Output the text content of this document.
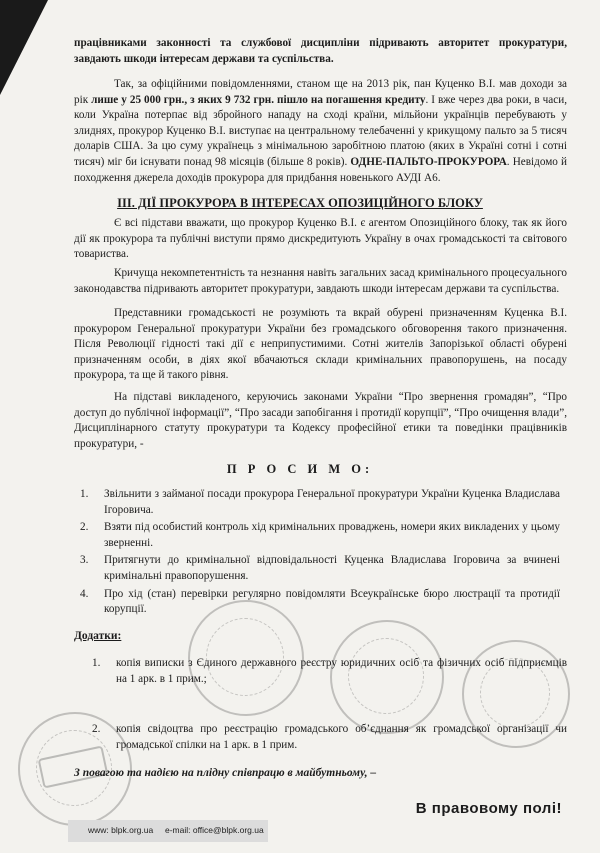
працівниками законності та службової дисципліни підривають авторитет прокуратури, завдають шкоди інтересам держави та суспільства.
Так, за офіційними повідомленнями, станом ще на 2013 рік, пан Куценко В.І. мав доходи за рік лише у 25 000 грн., з яких 9 732 грн. пішло на погашення кредиту. І вже через два роки, в часи, коли Україна потерпає від збройного нападу на сході країни, мільйони українців перебувають у злиднях, прокурор Куценко В.І. виступає на центральному телебаченні у крикущому пальто за 5 тисяч доларів США. За цю суму українець з мінімальною заробітною платою (яких в Україні сотні і сотні тисяч) міг би існувати понад 98 місяців (більше 8 років). ОДНЕ-ПАЛЬТО-ПРОКУРОРА. Невідомо й походження джерела доходів прокурора для придбання новенького АУДІ А6.
ІІІ. ДІЇ ПРОКУРОРА В ІНТЕРЕСАХ ОПОЗИЦІЙНОГО БЛОКУ
Є всі підстави вважати, що прокурор Куценко В.І. є агентом Опозиційного блоку, так як його дії як прокурора та публічні виступи прямо дискредитують Україну в очах громадськості та світового товариства.
Кричуща некомпетентність та незнання навіть загальних засад кримінального процесуального законодавства підривають авторитет прокуратури, завдають шкоди інтересам держави та суспільства.
Представники громадськості не розуміють та вкрай обурені призначенням Куценка В.І. прокурором Генеральної прокуратури України без громадського обговорення такого призначення. Після Революції гідності такі дії є неприпустимими. Сотні жителів Запорізької області обурені призначенням особи, в діях якої вбачаються склади кримінальних правопорушень, на посаду прокурора, та ще й такого рівня.
На підставі викладеного, керуючись законами України “Про звернення громадян”, “Про доступ до публічної інформації”, “Про засади запобігання і протидії корупції”, “Про очищення влади”, Дисциплінарного статуту прокуратури та Кодексу професійної етики та поведінки працівників прокуратури, -
П Р О С И М О:
1. Звільнити з займаної посади прокурора Генеральної прокуратури України Куценка Владислава Ігоровича.
2. Взяти під особистий контроль хід кримінальних проваджень, номери яких викладених у цьому зверненні.
3. Притягнути до кримінальної відповідальності Куценка Владислава Ігоровича за вчинені кримінальні правопорушення.
4. Про хід (стан) перевірки регулярно повідомляти Всеукраїнське бюро люстрації та протидії корупції.
Додатки:
1. копія виписки з Єдиного державного реєстру юридичних осіб та фізичних осіб підприємців на 1 арк. в 1 прим.;
2. копія свідоцтва про реєстрацію громадського об’єднання як громадської організації чи громадської спілки на 1 арк. в 1 прим.
З повагою та надією на плідну співпрацю в майбутньому, –
В правовому полі!
www: blpk.org.ua e-mail: office@blpk.org.ua
